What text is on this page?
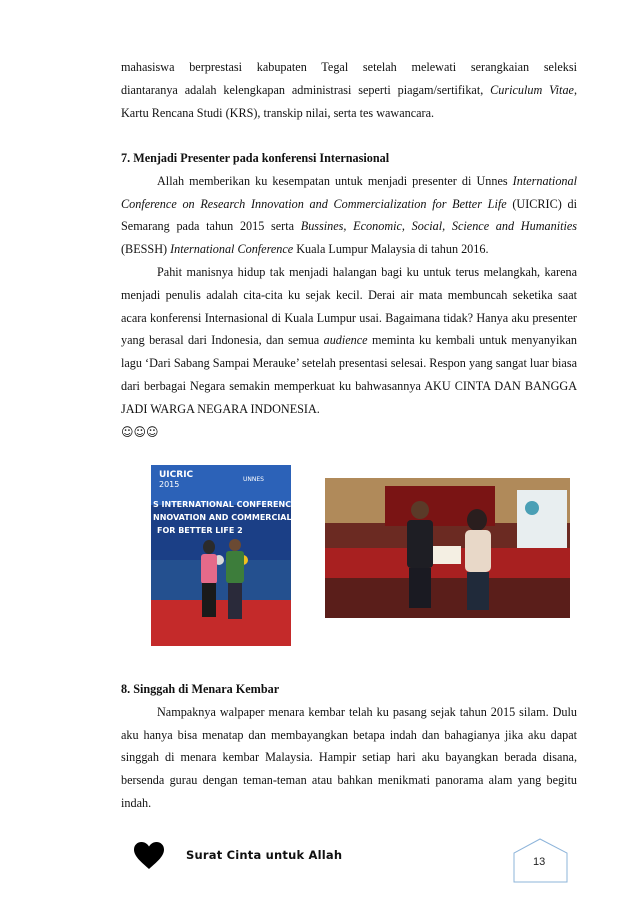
mahasiswa berprestasi kabupaten Tegal setelah melewati serangkaian seleksi

diantaranya adalah kelengkapan administrasi seperti piagam/sertifikat, Curiculum Vitae,

Kartu Rencana Studi (KRS), transkip nilai, serta tes wawancara.

7. Menjadi Presenter pada konferensi Internasional

Allah memberikan ku kesempatan untuk menjadi presenter di Unnes International Conference on Research Innovation and Commercialization for Better Life (UICRIC) di Semarang pada tahun 2015 serta Bussines, Economic, Social, Science and Humanities (BESSH) International Conference Kuala Lumpur Malaysia di tahun 2016.

Pahit manisnya hidup tak menjadi halangan bagi ku untuk terus melangkah, karena menjadi penulis adalah cita-cita ku sejak kecil. Derai air mata membuncah seketika saat acara konferensi Internasional di Kuala Lumpur usai. Bagaimana tidak? Hanya aku presenter yang berasal dari Indonesia, dan semua audience meminta ku kembali untuk menyanyikan lagu ‘Dari Sabang Sampai Merauke’ setelah presentasi selesai. Respon yang sangat luar biasa dari berbagai Negara semakin memperkuat ku bahwasannya AKU CINTA DAN BANGGA JADI WARGA NEGARA INDONESIA.

☺☺☺

UICRIC
2015
UNNES
S INTERNATIONAL CONFERENCE
NNOVATION AND COMMERCIALIZAT
FOR BETTER LIFE 2

8. Singgah di Menara Kembar

Nampaknya walpaper menara kembar telah ku pasang sejak tahun 2015 silam. Dulu aku hanya bisa menatap dan membayangkan betapa indah dan bahagianya jika aku dapat singgah di menara kembar Malaysia. Hampir setiap hari aku bayangkan berada disana, bersenda gurau dengan teman-teman atau bahkan menikmati panorama alam yang begitu indah.

Surat Cinta untuk Allah	13
